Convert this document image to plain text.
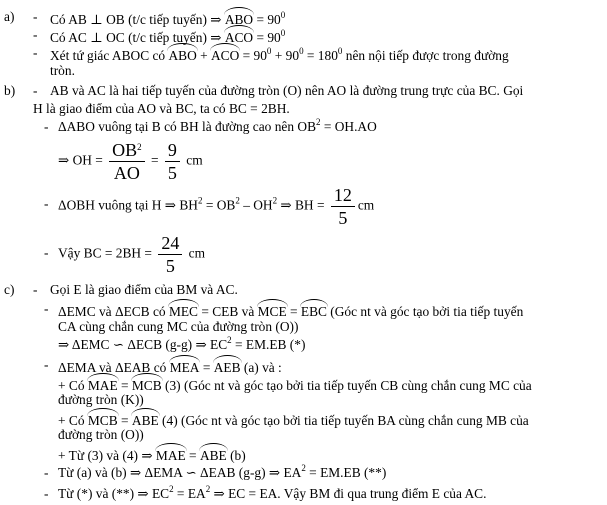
a) - Có AB ⊥ OB (t/c tiếp tuyến) ⇒ ABO = $90^0$
- Có AC ⊥ OC (t/c tiếp tuyến) ⇒ ACO = $90^0$
- Xét tứ giác ABOC có ABO + ACO = $90^0 + 90^0 = 180^0$ nên nội tiếp được trong đường
tròn.
b) - AB và AC là hai tiếp tuyến của đường tròn (O) nên AO là đường trung trực của BC. Gọi
H là giao điểm của AO và BC, ta có BC = 2BH.
- ΔABO vuông tại B có BH là đường cao nên $OB^2 = OH.AO$
⇒ OH = $\frac{OB^2}{AO} = \frac{9}{5}$ cm
- ΔOBH vuông tại H ⇒ $BH^2 = OB^2 - OH^2$ ⇒ BH = $\frac{12}{5}$ cm
- Vậy BC = $2BH = \frac{24}{5}$ cm
c) - Gọi E là giao điểm của BM và AC.
- ΔEMC và ΔECB có MEC = CEB và MCE = EBC (Góc nt và góc tạo bởi tia tiếp tuyến
CA cùng chắn cung MC của đường tròn (O))
⇒ ΔEMC ∽ ΔECB (g-g) ⇒ $EC^2 = EM.EB$ (*)
- ΔEMA và ΔEAB có MEA = AEB (a) và :
+ Có MAE = MCB (3) (Góc nt và góc tạo bởi tia tiếp tuyến CB cùng chắn cung MC của
đường tròn (K))
+ Có MCB = ABE (4) (Góc nt và góc tạo bởi tia tiếp tuyến BA cùng chắn cung MB của
đường tròn (O))
+ Từ (3) và (4) ⇒ MAE = ABE (b)
- Từ (a) và (b) ⇒ ΔEMA ∽ ΔEAB (g-g) ⇒ $EA^2 = EM.EB$ (**)
- Từ (*) và (**) ⇒ $EC^2 = EA^2$ ⇒ EC = EA. Vậy BM đi qua trung điểm E của AC.
